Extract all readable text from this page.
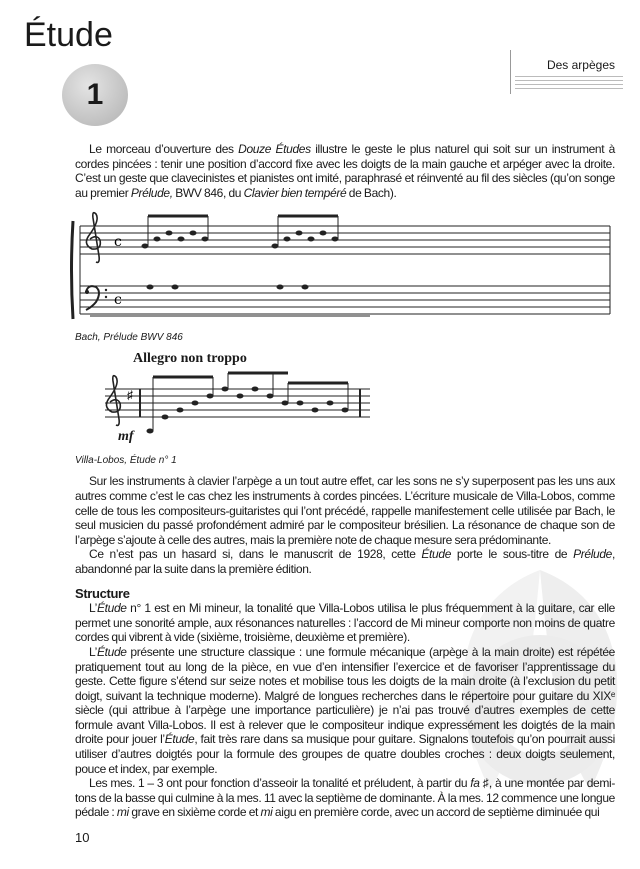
Étude
1
Des arpèges

Le morceau d’ouverture des Douze Études illustre le geste le plus naturel qui soit sur un instrument à cordes pincées : tenir une position d’accord fixe avec les doigts de la main gauche et arpéger avec la droite. C’est un geste que clavecinistes et pianistes ont imité, paraphrasé et réinventé au fil des siècles (qu’on songe au premier Prélude, BWV 846, du Clavier bien tempéré de Bach).

c
c
Bach, Prélude BWV 846
Allegro non troppo
♯
mf
Villa-Lobos, Étude n° 1

Sur les instruments à clavier l’arpège a un tout autre effet, car les sons ne s’y superposent pas les uns aux autres comme c’est le cas chez les instruments à cordes pincées. L’écriture musicale de Villa-Lobos, comme celle de tous les compositeurs-guitaristes qui l’ont précédé, rappelle manifestement celle utilisée par Bach, le seul musicien du passé profondément admiré par le compositeur brésilien. La résonance de chaque son de l’arpège s’ajoute à celle des autres, mais la première note de chaque mesure sera prédominante.

Ce n’est pas un hasard si, dans le manuscrit de 1928, cette Étude porte le sous-titre de Prélude, abandonné par la suite dans la première édition.

Structure

L’Étude n° 1 est en Mi mineur, la tonalité que Villa-Lobos utilisa le plus fréquemment à la guitare, car elle permet une sonorité ample, aux résonances naturelles : l’accord de Mi mineur comporte non moins de quatre cordes qui vibrent à vide (sixième, troisième, deuxième et première).

L’Étude présente une structure classique : une formule mécanique (arpège à la main droite) est répétée pratiquement tout au long de la pièce, en vue d’en intensifier l’exercice et de favoriser l’apprentissage du geste. Cette figure s’étend sur seize notes et mobilise tous les doigts de la main droite (à l’exclusion du petit doigt, suivant la technique moderne). Malgré de longues recherches dans le répertoire pour guitare du XIXᵉ siècle (qui attribue à l’arpège une importance particulière) je n’ai pas trouvé d’autres exemples de cette formule avant Villa-Lobos. Il est à relever que le compositeur indique expressément les doigtés de la main droite pour jouer l’Étude, fait très rare dans sa musique pour guitare. Signalons toutefois qu’on pourrait aussi utiliser d’autres doigtés pour la formule des groupes de quatre doubles croches : deux doigts seulement, pouce et index, par exemple.

Les mes. 1 – 3 ont pour fonction d’asseoir la tonalité et préludent, à partir du fa ♯, à une montée par demi-tons de la basse qui culmine à la mes. 11 avec la septième de dominante. À la mes. 12 commence une longue pédale : mi grave en sixième corde et mi aigu en première corde, avec un accord de septième diminuée qui

10
